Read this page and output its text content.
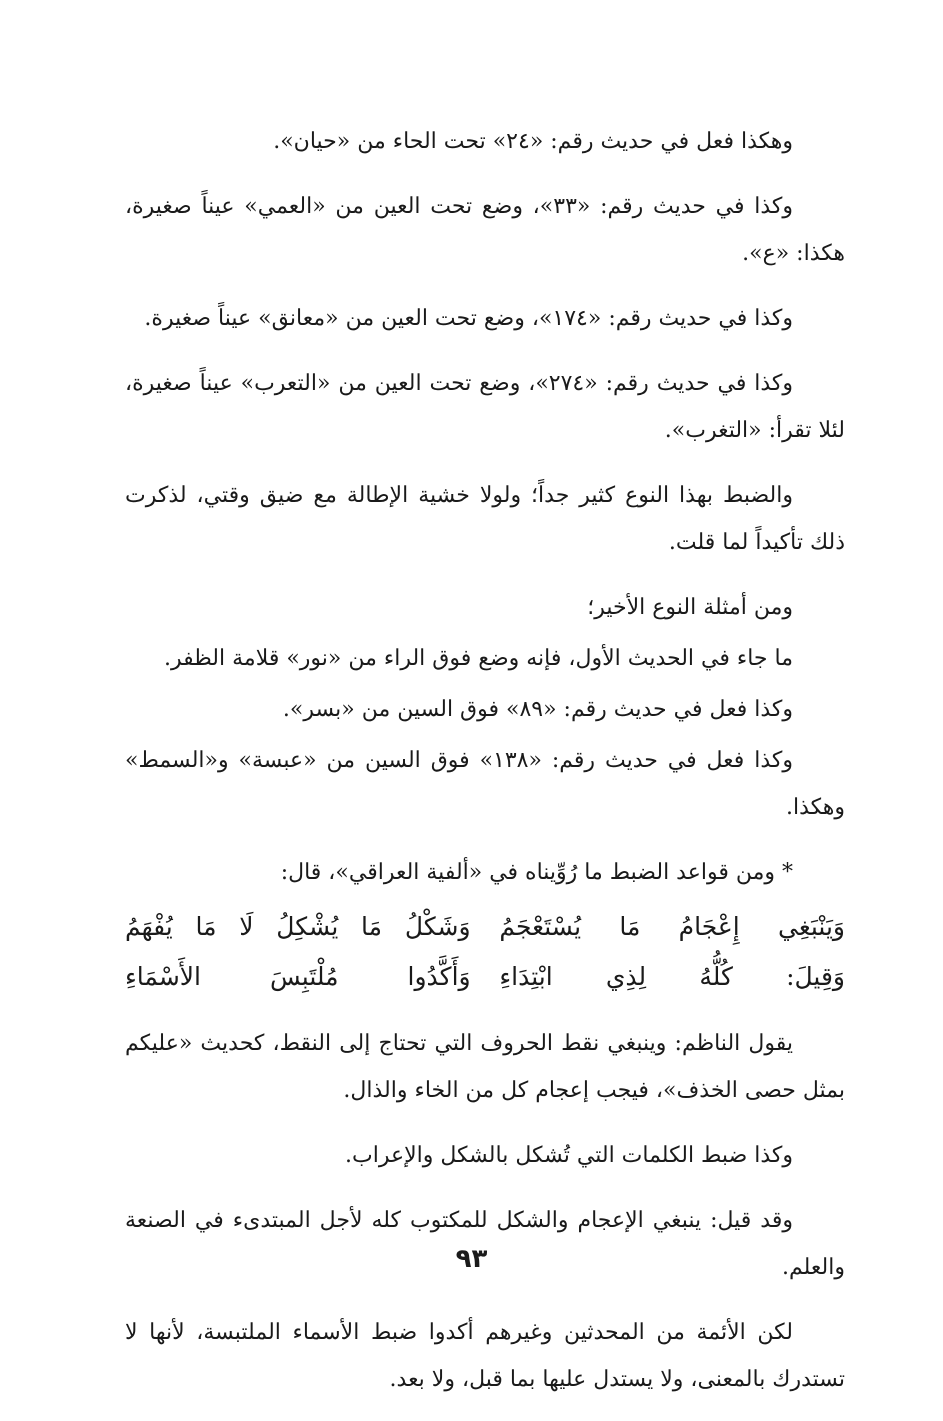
وهكذا فعل في حديث رقم: «٢٤» تحت الحاء من «حيان».

وكذا في حديث رقم: «٣٣»، وضع تحت العين من «العمي» عيناً صغيرة، هكذا: «ع».

وكذا في حديث رقم: «١٧٤»، وضع تحت العين من «معانق» عيناً صغيرة.

وكذا في حديث رقم: «٢٧٤»، وضع تحت العين من «التعرب» عيناً صغيرة، لئلا تقرأ: «التغرب».

والضبط بهذا النوع كثير جداً؛ ولولا خشية الإطالة مع ضيق وقتي، لذكرت ذلك تأكيداً لما قلت.

ومن أمثلة النوع الأخير؛

ما جاء في الحديث الأول، فإنه وضع فوق الراء من «نور» قلامة الظفر.

وكذا فعل في حديث رقم: «٨٩» فوق السين من «بسر».

وكذا فعل في حديث رقم: «١٣٨» فوق السين من «عبسة» و«السمط» وهكذا.

* ومن قواعد الضبط ما رُوِّيناه في «ألفية العراقي»، قال:

وَيَنْبَغِي إِعْجَامُ مَا يُسْتَعْجَمُ
وَشَكْلُ مَا يُشْكِلُ لَا مَا يُفْهَمُ
وَقِيلَ: كُلُّهُ لِذِي ابْتِدَاءِ
وَأَكَّدُوا مُلْتَبِسَ الأَسْمَاءِ

يقول الناظم: وينبغي نقط الحروف التي تحتاج إلى النقط، كحديث «عليكم بمثل حصى الخذف»، فيجب إعجام كل من الخاء والذال.

وكذا ضبط الكلمات التي تُشكل بالشكل والإعراب.

وقد قيل: ينبغي الإعجام والشكل للمكتوب كله لأجل المبتدىء في الصنعة والعلم.

لكن الأئمة من المحدثين وغيرهم أكدوا ضبط الأسماء الملتبسة، لأنها لا تستدرك بالمعنى، ولا يستدل عليها بما قبل، ولا بعد.

٩٣
